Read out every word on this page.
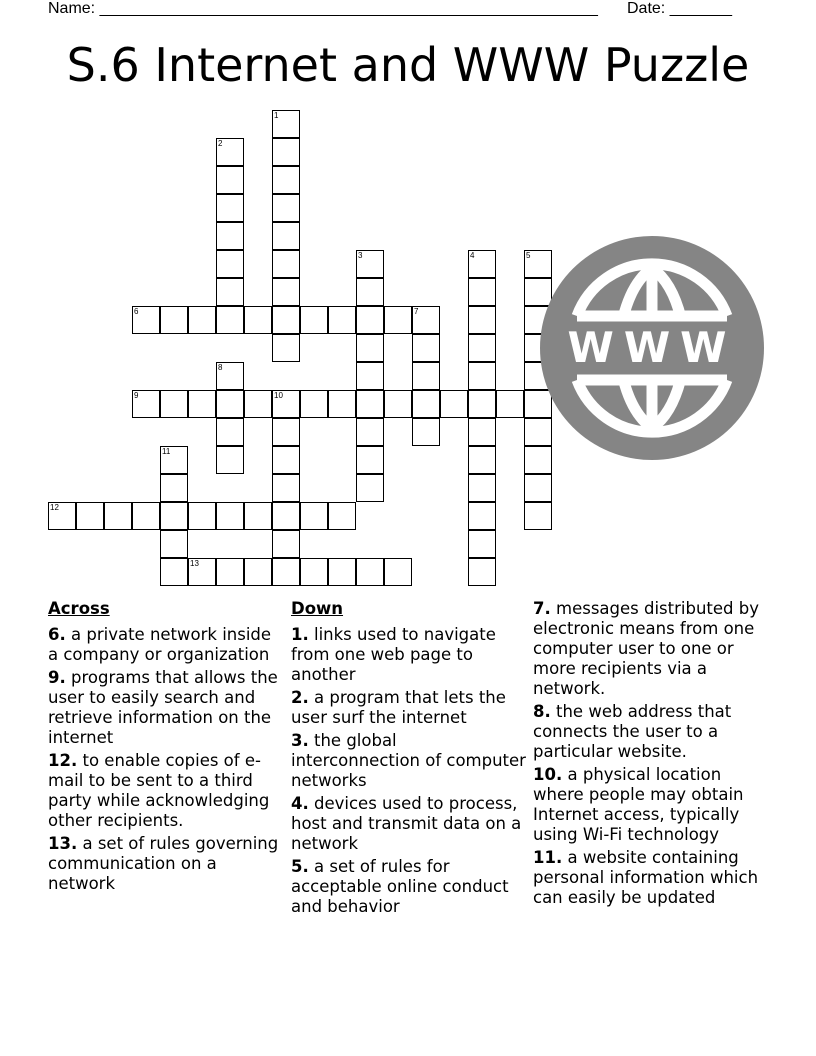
Name: ________________________________________________________ Date: _______
S.6 Internet and WWW Puzzle
1
2
3	4	5
6	7
8
9	10
11
12
13
WWW
Across
6. a private network inside a company or organization
9. programs that allows the user to easily search and retrieve information on the internet
12. to enable copies of e-mail to be sent to a third party while acknowledging other recipients.
13. a set of rules governing communication on a network
Down
1. links used to navigate from one web page to another
2. a program that lets the user surf the internet
3. the global interconnection of computer networks
4. devices used to process, host and transmit data on a network
5. a set of rules for acceptable online conduct and behavior
7. messages distributed by electronic means from one computer user to one or more recipients via a network.
8. the web address that connects the user to a particular website.
10. a physical location where people may obtain Internet access, typically using Wi-Fi technology
11. a website containing personal information which can easily be updated
